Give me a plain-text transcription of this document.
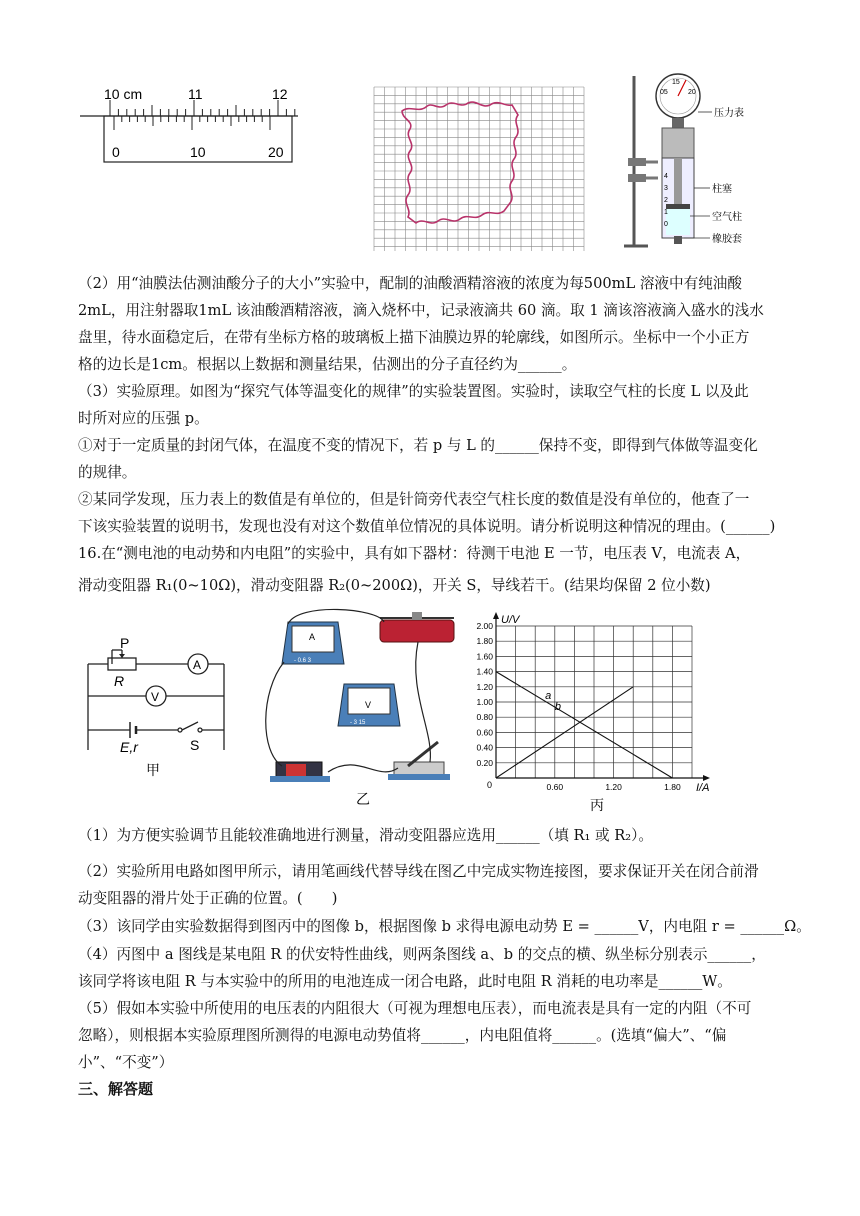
10 cm	11	12
0	10	20
05
15
20
4
3
2
1
0
压力表
柱塞
空气柱
橡胶套
（2）用“油膜法估测油酸分子的大小”实验中，配制的油酸酒精溶液的浓度为每500mL 溶液中有纯油酸
2mL，用注射器取1mL 该油酸酒精溶液，滴入烧杯中，记录液滴共 60 滴。取 1 滴该溶液滴入盛水的浅水
盘里，待水面稳定后，在带有坐标方格的玻璃板上描下油膜边界的轮廓线，如图所示。坐标中一个小正方
格的边长是1cm。根据以上数据和测量结果，估测出的分子直径约为______。
（3）实验原理。如图为“探究气体等温变化的规律”的实验装置图。实验时，读取空气柱的长度 L 以及此
时所对应的压强 p。
①对于一定质量的封闭气体，在温度不变的情况下，若 p 与 L 的______保持不变，即得到气体做等温变化
的规律。
②某同学发现，压力表上的数值是有单位的，但是针筒旁代表空气柱长度的数值是没有单位的，他查了一
下该实验装置的说明书，发现也没有对这个数值单位情况的具体说明。请分析说明这种情况的理由。(______)
16.在“测电池的电动势和内电阻”的实验中，具有如下器材：待测干电池 E 一节，电压表 V，电流表 A，
滑动变阻器 R₁(0~10Ω)，滑动变阻器 R₂(0~200Ω)，开关 S，导线若干。(结果均保留 2 位小数)
P
R
A
V
E,r	S
甲
A
- 0.6 3
V
- 3 15
乙
2.00
1.80
1.60
1.40
1.20
1.00
0.80
0.60
0.40
0.20
0.60	1.20	1.80
b
a
U/V
I/A
0
丙
（1）为方便实验调节且能较准确地进行测量，滑动变阻器应选用______（填 R₁ 或 R₂）。
（2）实验所用电路如图甲所示，请用笔画线代替导线在图乙中完成实物连接图，要求保证开关在闭合前滑
动变阻器的滑片处于正确的位置。(　　)
（3）该同学由实验数据得到图丙中的图像 b，根据图像 b 求得电源电动势 E = ______V，内电阻 r = ______Ω。
（4）丙图中 a 图线是某电阻 R 的伏安特性曲线，则两条图线 a、b 的交点的横、纵坐标分别表示______，
该同学将该电阻 R 与本实验中的所用的电池连成一闭合电路，此时电阻 R 消耗的电功率是______W。
（5）假如本实验中所使用的电压表的内阻很大（可视为理想电压表），而电流表是具有一定的内阻（不可
忽略），则根据本实验原理图所测得的电源电动势值将______，内电阻值将______。(选填“偏大”、“偏
小”、“不变”）
三、解答题
